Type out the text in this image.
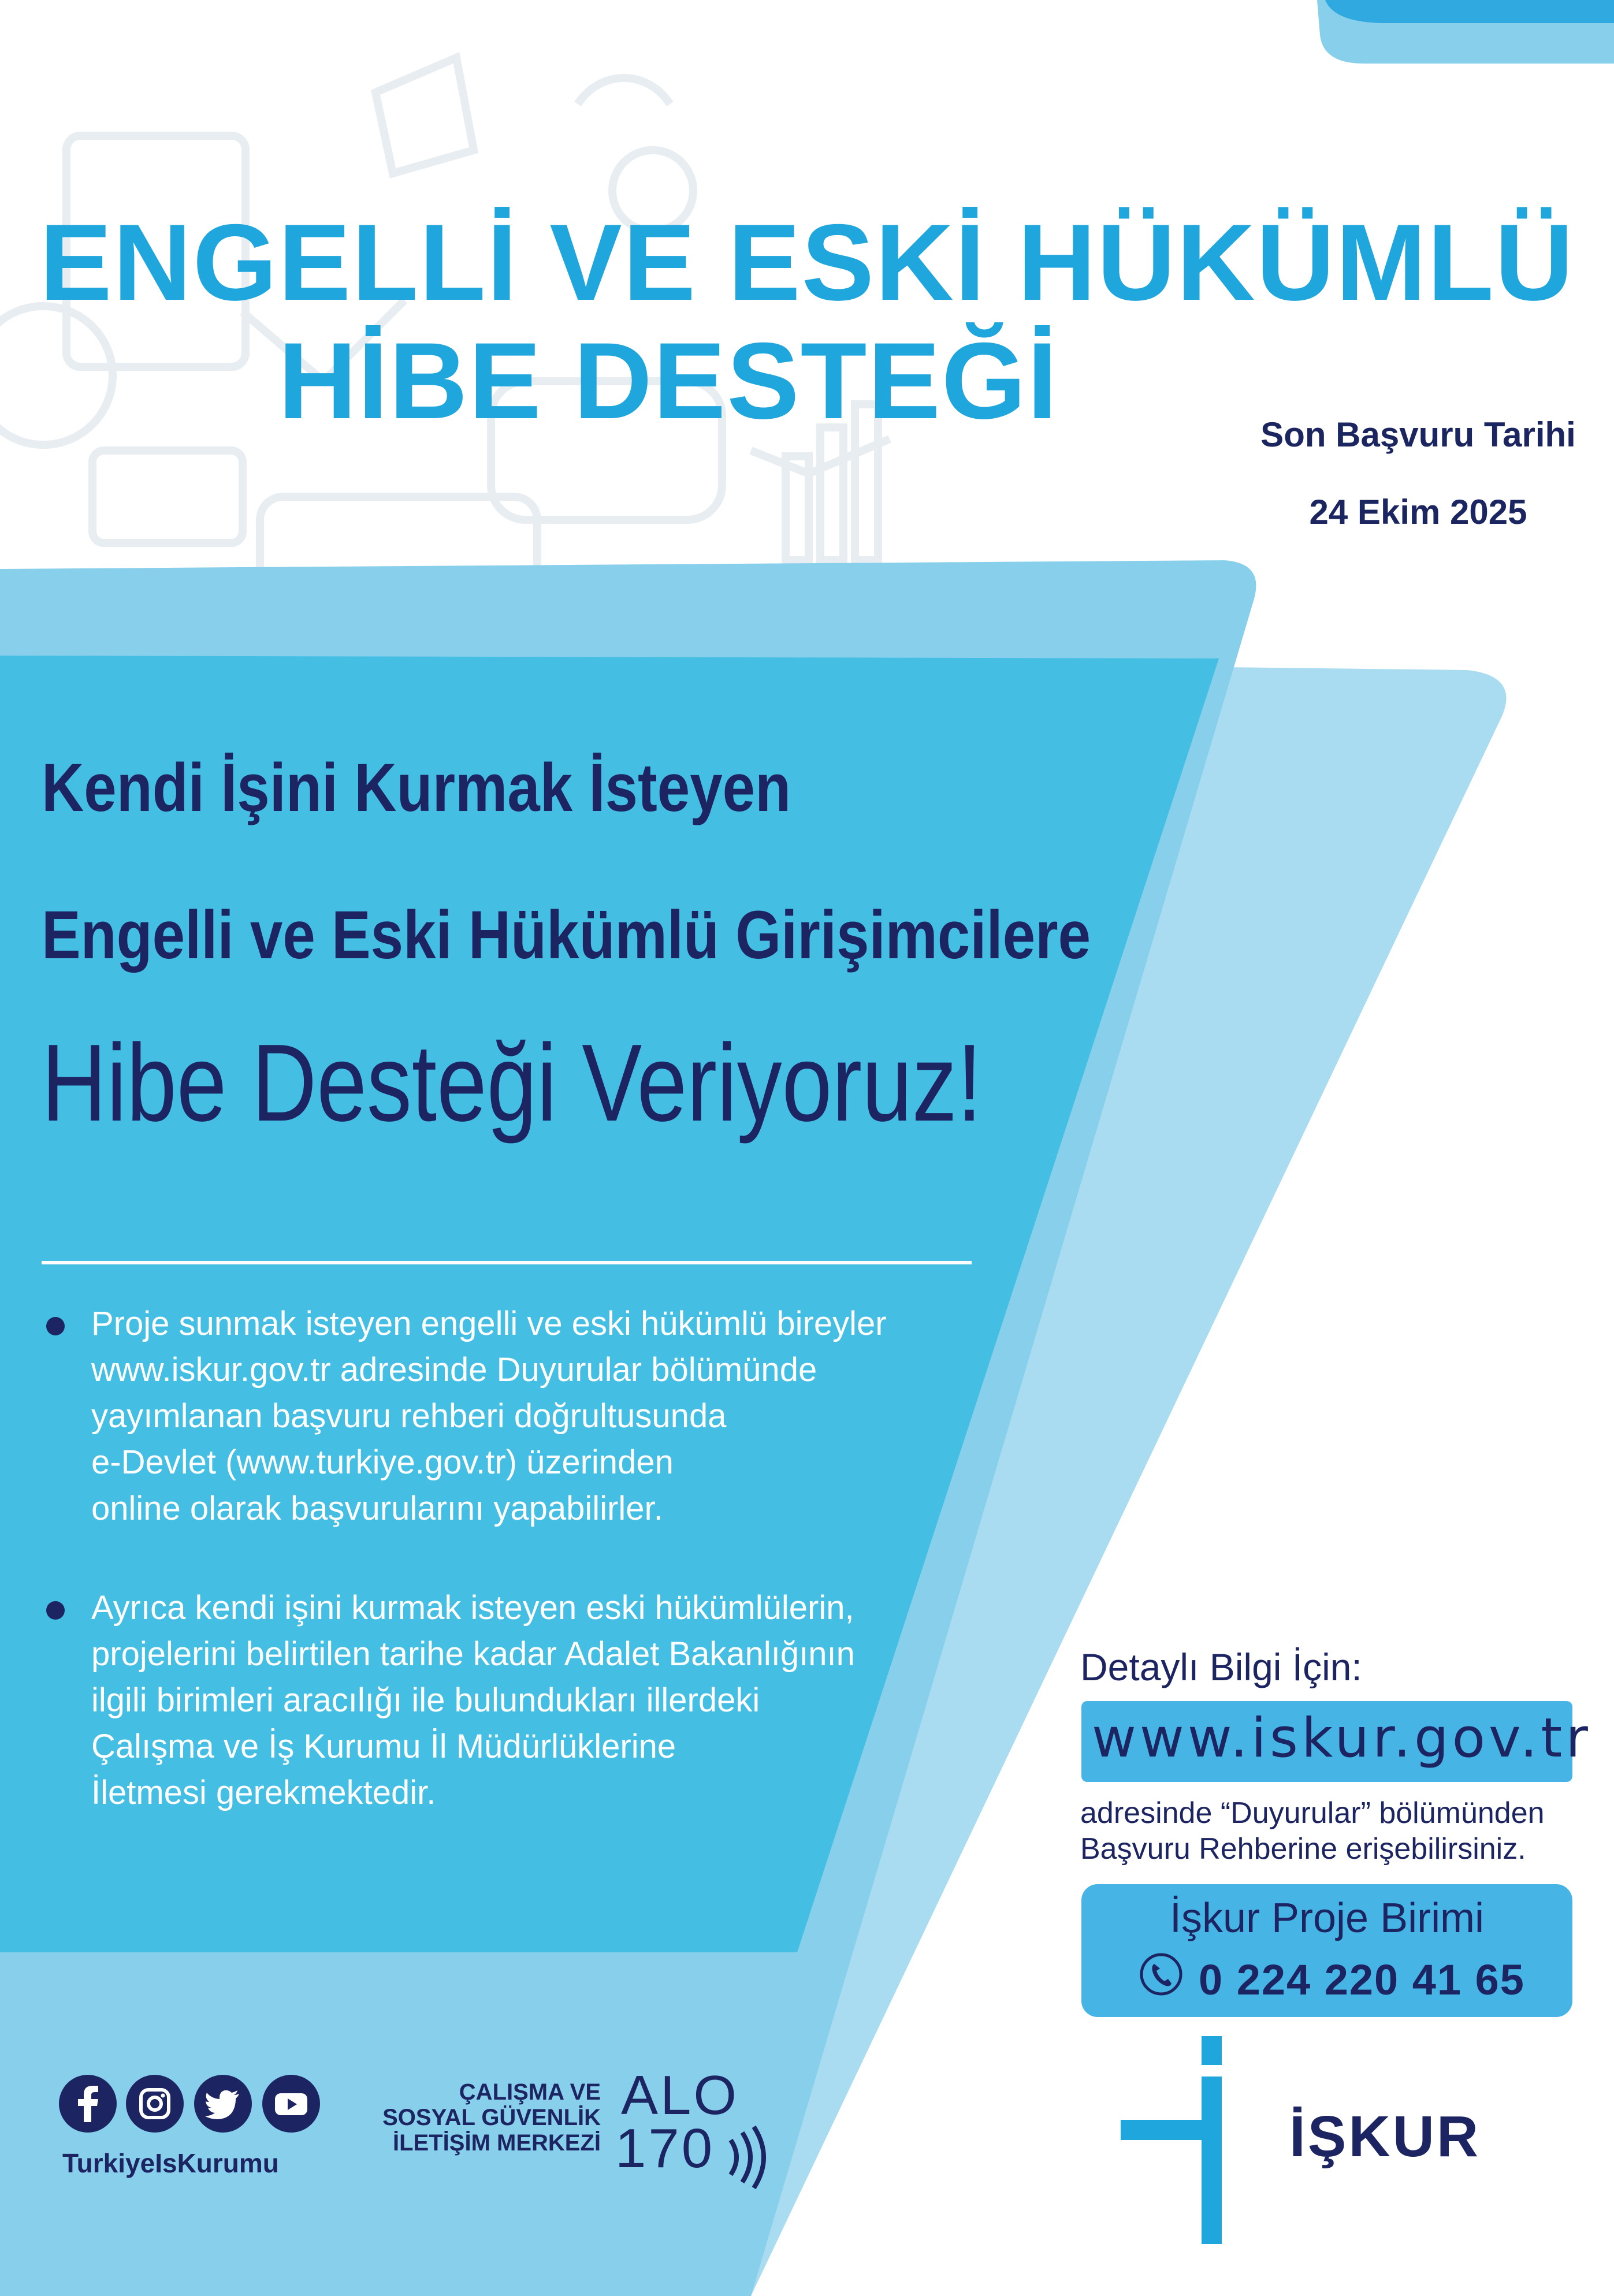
ENGELLİ VE ESKİ HÜKÜMLÜ
HİBE DESTEĞİ	Son Başvuru Tarihi
24 Ekim 2025
Kendi İşini Kurmak İsteyen
Engelli ve Eski Hükümlü Girişimcilere
Hibe Desteği Veriyoruz!
Proje sunmak isteyen engelli ve eski hükümlü bireyler
www.iskur.gov.tr adresinde Duyurular bölümünde
yayımlanan başvuru rehberi doğrultusunda
e-Devlet (www.turkiye.gov.tr) üzerinden
online olarak başvurularını yapabilirler.
Ayrıca kendi işini kurmak isteyen eski hükümlülerin,
projelerini belirtilen tarihe kadar Adalet Bakanlığının
ilgili birimleri aracılığı ile bulundukları illerdeki
Çalışma ve İş Kurumu İl Müdürlüklerine
İletmesi gerekmektedir.
Detaylı Bilgi İçin:
www.iskur.gov.tr
adresinde “Duyurular” bölümünden
Başvuru Rehberine erişebilirsiniz.
İşkur Proje Birimi
0 224 220 41 65
TurkiyeIsKurumu
ÇALIŞMA VE
SOSYAL GÜVENLİK
İLETİŞİM MERKEZİ
ALO
170	İŞKUR
